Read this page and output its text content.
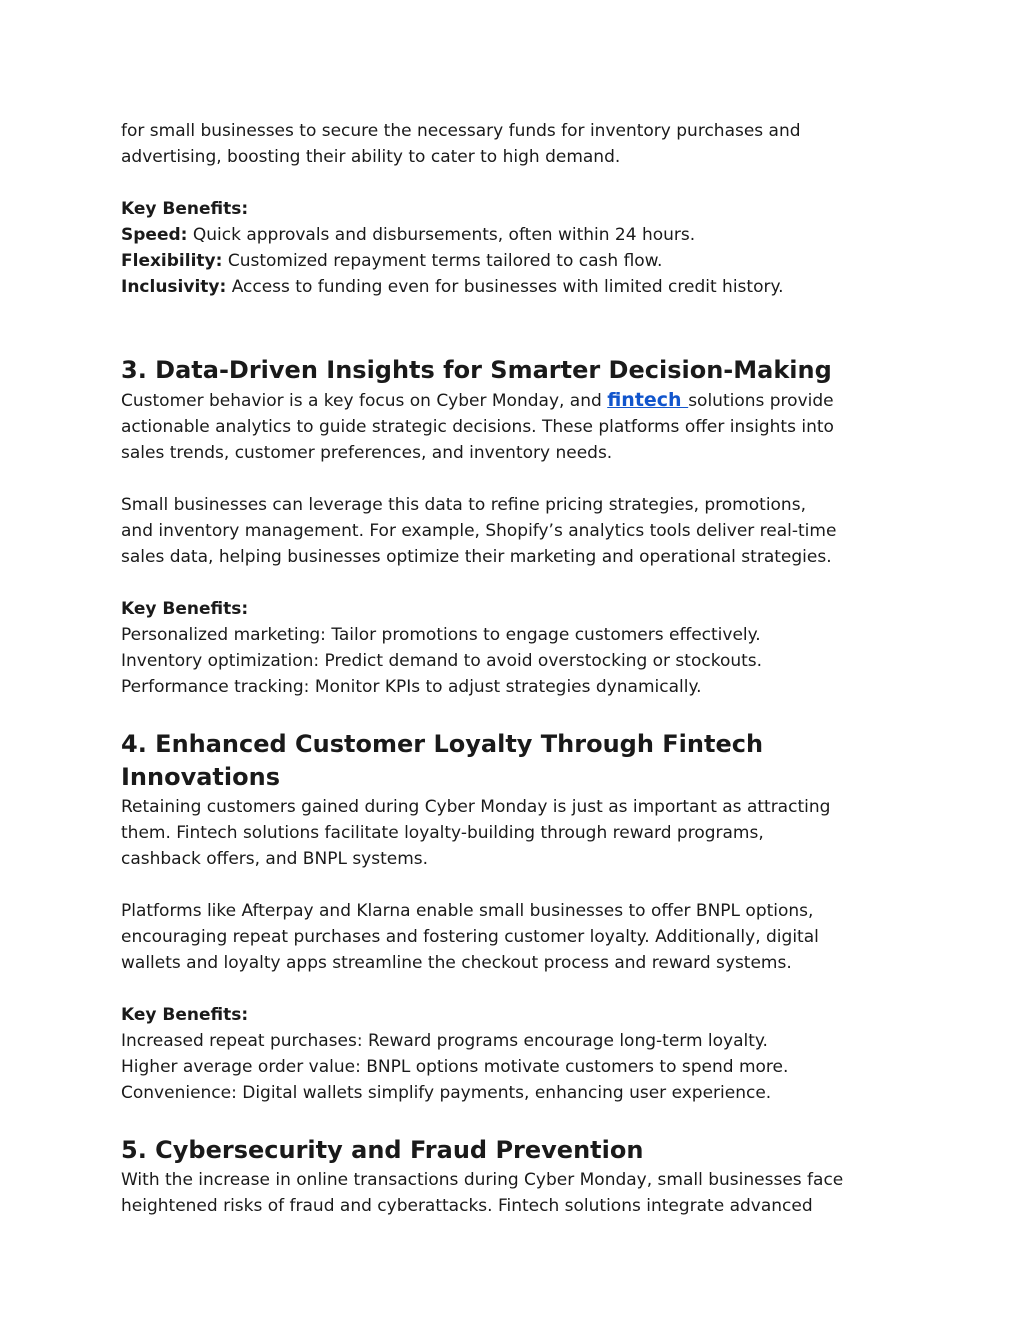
for small businesses to secure the necessary funds for inventory purchases and

advertising, boosting their ability to cater to high demand.

Key Benefits:

Speed: Quick approvals and disbursements, often within 24 hours.

Flexibility: Customized repayment terms tailored to cash flow.

Inclusivity: Access to funding even for businesses with limited credit history.

3. Data-Driven Insights for Smarter Decision-Making

Customer behavior is a key focus on Cyber Monday, and fintech solutions provide

actionable analytics to guide strategic decisions. These platforms offer insights into

sales trends, customer preferences, and inventory needs.

Small businesses can leverage this data to refine pricing strategies, promotions,

and inventory management. For example, Shopify’s analytics tools deliver real-time

sales data, helping businesses optimize their marketing and operational strategies.

Key Benefits:

Personalized marketing: Tailor promotions to engage customers effectively.

Inventory optimization: Predict demand to avoid overstocking or stockouts.

Performance tracking: Monitor KPIs to adjust strategies dynamically.

4. Enhanced Customer Loyalty Through Fintech
Innovations

Retaining customers gained during Cyber Monday is just as important as attracting

them. Fintech solutions facilitate loyalty-building through reward programs,

cashback offers, and BNPL systems.

Platforms like Afterpay and Klarna enable small businesses to offer BNPL options,

encouraging repeat purchases and fostering customer loyalty. Additionally, digital

wallets and loyalty apps streamline the checkout process and reward systems.

Key Benefits:

Increased repeat purchases: Reward programs encourage long-term loyalty.

Higher average order value: BNPL options motivate customers to spend more.

Convenience: Digital wallets simplify payments, enhancing user experience.

5. Cybersecurity and Fraud Prevention

With the increase in online transactions during Cyber Monday, small businesses face

heightened risks of fraud and cyberattacks. Fintech solutions integrate advanced
